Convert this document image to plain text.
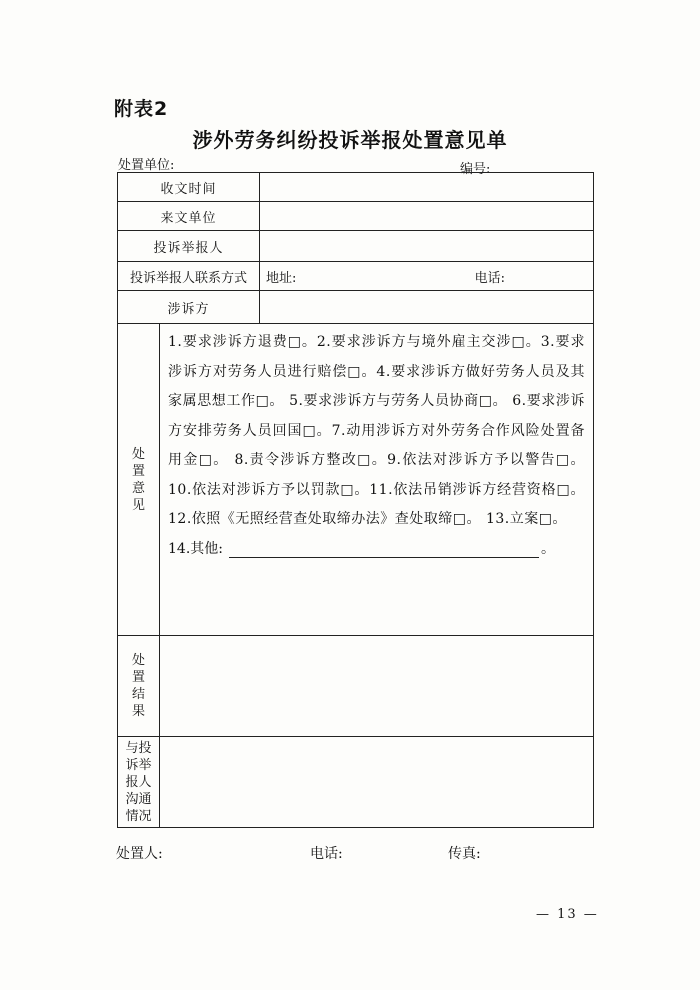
附表2
涉外劳务纠纷投诉举报处置意见单
处置单位:	编号:
收文时间		
来文单位		
投诉举报人		
投诉举报人联系方式		地址: 电话:

涉诉方		
处置意见	1.要求涉诉方退费□。2.要求涉诉方与境外雇主交涉□。3.要求涉诉方对劳务人员进行赔偿□。4.要求涉诉方做好劳务人员及其家属思想工作□。 5.要求涉诉方与劳务人员协商□。 6.要求涉诉方安排劳务人员回国□。7.动用涉诉方对外劳务合作风险处置备用金□。 8.责令涉诉方整改□。9.依法对涉诉方予以警告□。 10.依法对涉诉方予以罚款□。11.依法吊销涉诉方经营资格□。 12.依照《无照经营查处取缔办法》查处取缔□。 13.立案□。
14.其他: 。	

处置结果		
与投诉举报人沟通情况		
处置人:	电话:	传真:
— 13 —
